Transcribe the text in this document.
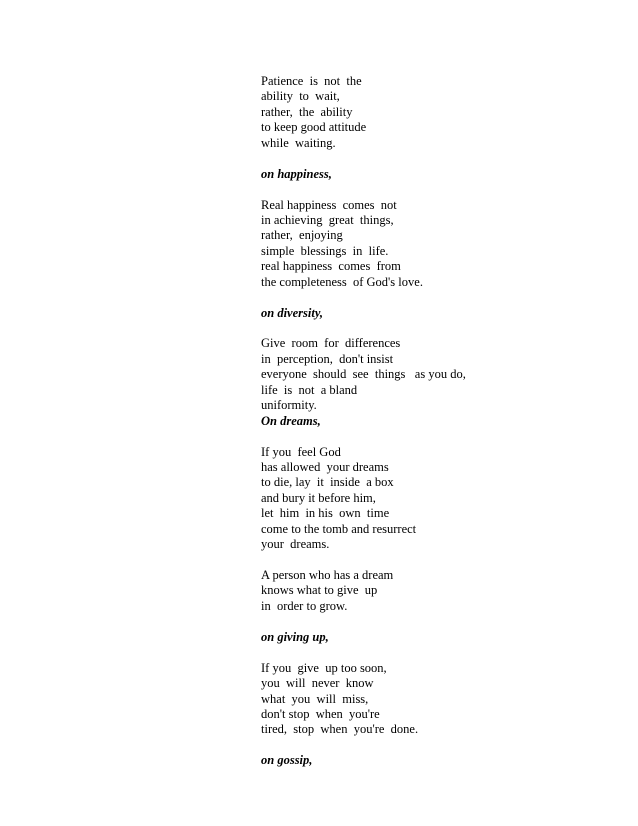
Patience  is  not  the
ability  to  wait,
rather,  the  ability
to keep good attitude
while  waiting.
on happiness,
Real happiness  comes  not
in achieving  great  things,
rather,  enjoying
simple  blessings  in  life.
real happiness  comes  from
the completeness  of God's love.
on diversity,
Give  room  for  differences
in  perception,  don't insist
everyone  should  see  things   as you do,
life  is  not  a bland
uniformity.
On dreams,
If you  feel God
has allowed  your dreams
to die, lay  it  inside  a box
and bury it before him,
let  him  in his  own  time
come to the tomb and resurrect
your  dreams.
A person who has a dream
knows what to give  up
in  order to grow.
on giving up,
If you  give  up too soon,
you  will  never  know
what  you  will  miss,
don't stop  when  you're
tired,  stop  when  you're  done.
on gossip,
